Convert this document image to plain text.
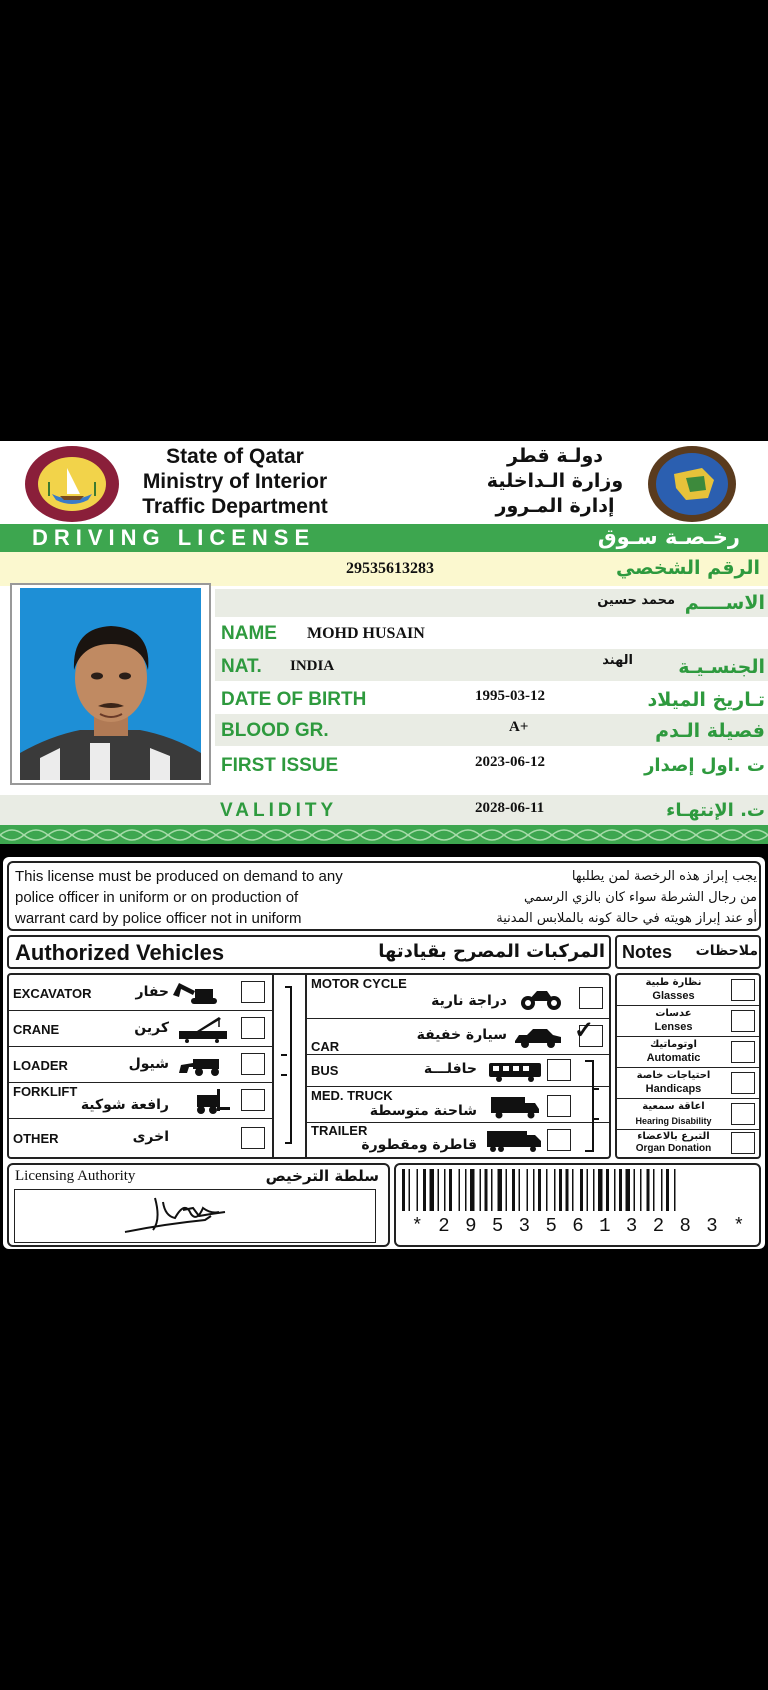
State of Qatar
Ministry of Interior
Traffic Department
دولـة قطر
وزارة الـداخلية
إدارة المـرور
DRIVING LICENSE	رخـصـة سـوق
29535613283	الرقم الشخصي
محمد حسين الاســــم
NAME MOHD HUSAIN
NAT. INDIA	الهند	الجنسـيـة
DATE OF BIRTH	1995-03-12	تـاريخ الميلاد
BLOOD GR.	A+	فصيلة الـدم
FIRST ISSUE	2023-06-12	ت .اول إصدار
VALIDITY	2028-06-11	ت. الإنتهـاء
This license must be produced on demand to any
police officer in uniform or on production of
warrant card by police officer not in uniform
يجب إبراز هذه الرخصة لمن يطلبها
من رجال الشرطة سواء كان بالزي الرسمي
أو عند إبراز هويته في حالة كونه بالملابس المدنية
Authorized Vehicles	المركبات المصرح بقيادتها Notes	ملاحظات
EXCAVATOR	حفار
CRANE	كرين
LOADER	شيول
FORKLIFT
رافعة شوكية
OTHER	اخرى
MOTOR CYCLE
دراجة نارية
CAR
سيارة خفيفة	✓
BUS	حافلـــة
MED. TRUCK
شاحنة متوسطة
TRAILER
قاطرة ومقطورة
نظارة طبية
Glasses
عدسات
Lenses
اوتوماتيك
Automatic
احتياجات خاصة
Handicaps
اعاقة سمعية
Hearing Disability
التبرع بالاعضاء
Organ Donation
Licensing Authority	سلطة الترخيص
* 2 9 5 3 5 6 1 3 2 8 3 *
